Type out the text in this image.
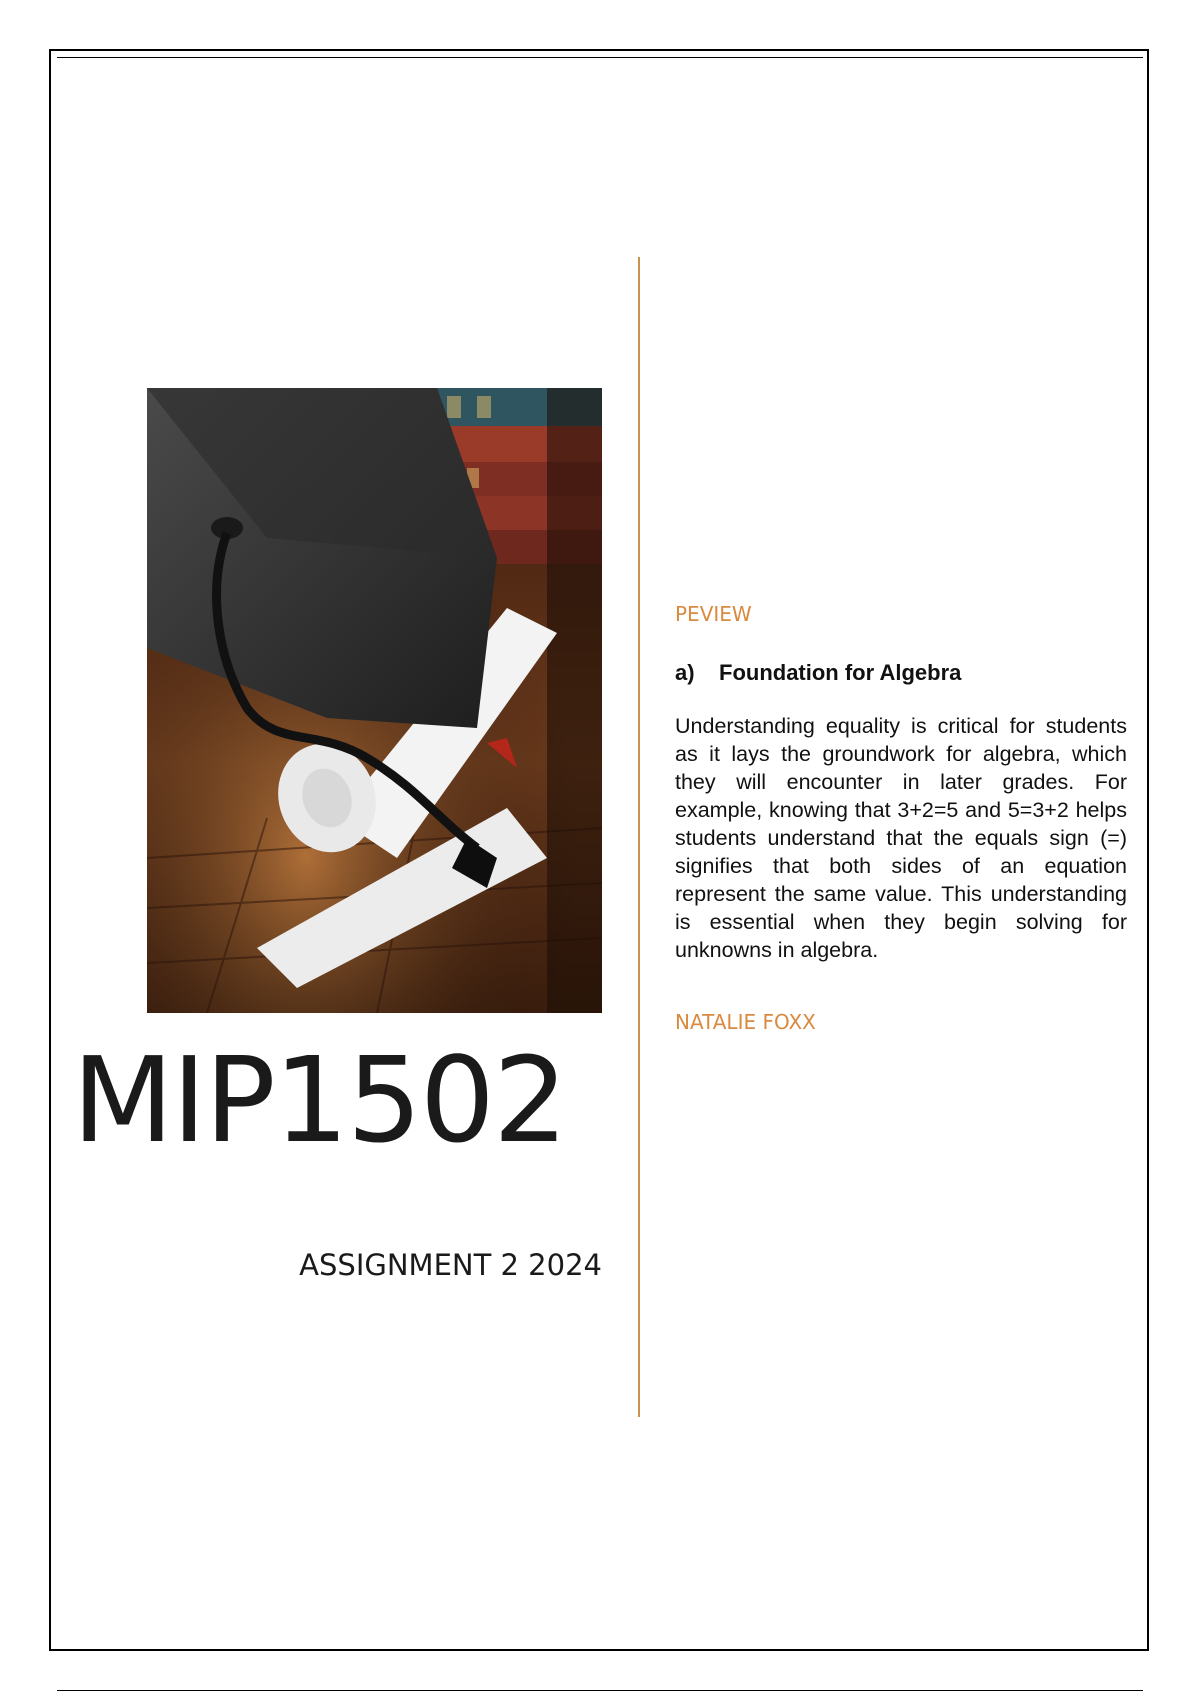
MIP1502
ASSIGNMENT 2 2024
PEVIEW
a)	Foundation for Algebra

Understanding equality is critical for students as it lays the groundwork for algebra, which they will encounter in later grades. For example, knowing that 3+2=5 and 5=3+2 helps students understand that the equals sign (=) signifies that both sides of an equation represent the same value. This understanding is essential when they begin solving for unknowns in algebra.

NATALIE FOXX
